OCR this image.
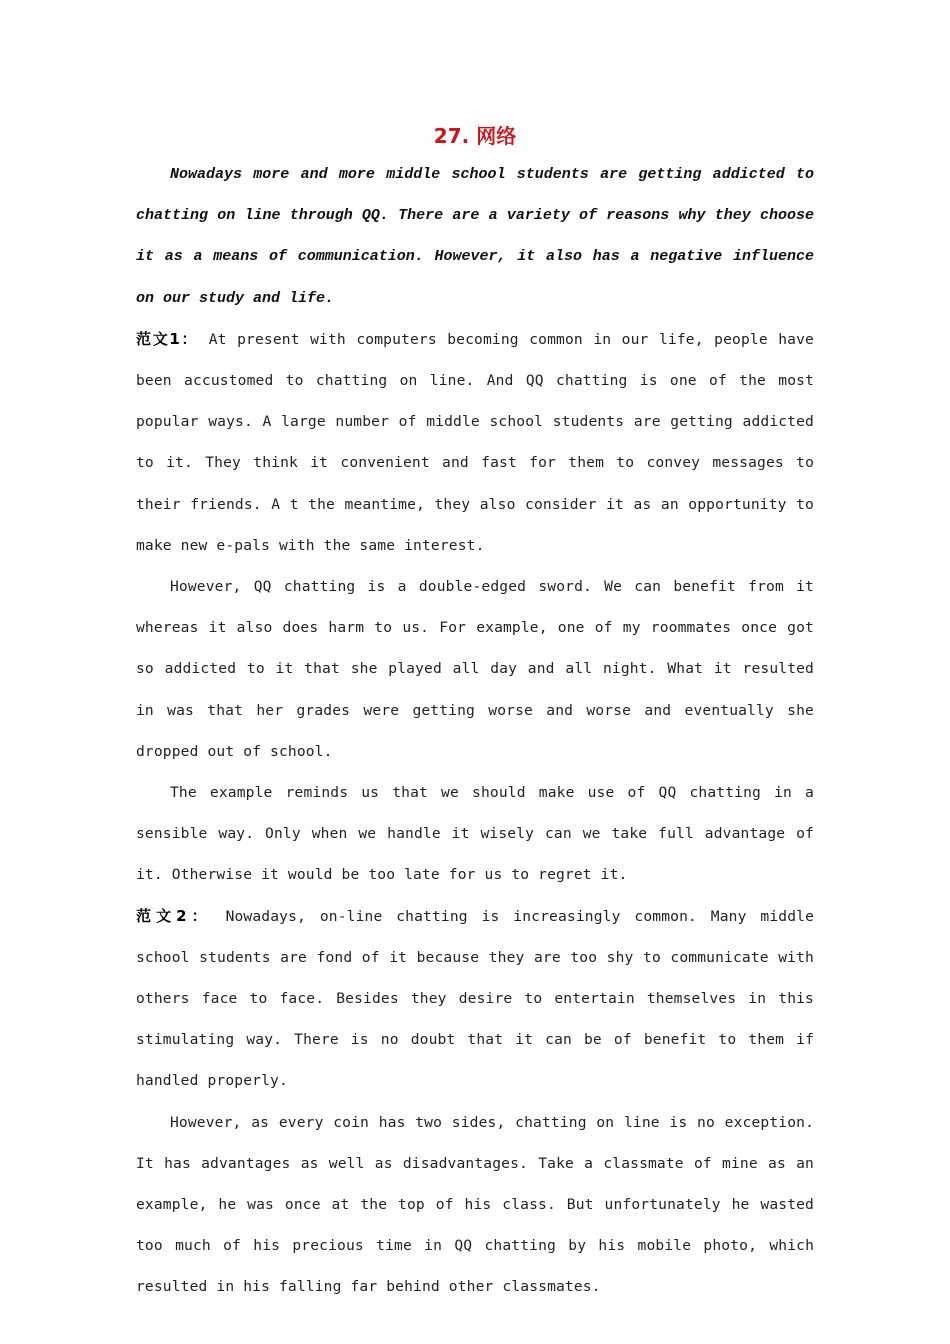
27. 网络

Nowadays more and more middle school students are getting addicted to chatting on line through QQ. There are a variety of reasons why they choose it as a means of communication. However, it also has a negative influence on our study and life.

范文1： At present with computers becoming common in our life, people have been accustomed to chatting on line. And QQ chatting is one of the most popular ways. A large number of middle school students are getting addicted to it. They think it convenient and fast for them to convey messages to their friends. A t the meantime, they also consider it as an opportunity to make new e-pals with the same interest.

However, QQ chatting is a double-edged sword. We can benefit from it whereas it also does harm to us. For example, one of my roommates once got so addicted to it that she played all day and all night. What it resulted in was that her grades were getting worse and worse and eventually she dropped out of school.

The example reminds us that we should make use of QQ chatting in a sensible way. Only when we handle it wisely can we take full advantage of it. Otherwise it would be too late for us to regret it.

范文2： Nowadays, on-line chatting is increasingly common. Many middle school students are fond of it because they are too shy to communicate with others face to face. Besides they desire to entertain themselves in this stimulating way. There is no doubt that it can be of benefit to them if handled properly.

However, as every coin has two sides, chatting on line is no exception. It has advantages as well as disadvantages. Take a classmate of mine as an example, he was once at the top of his class. But unfortunately he wasted too much of his precious time in QQ chatting by his mobile photo, which resulted in his falling far behind other classmates.
